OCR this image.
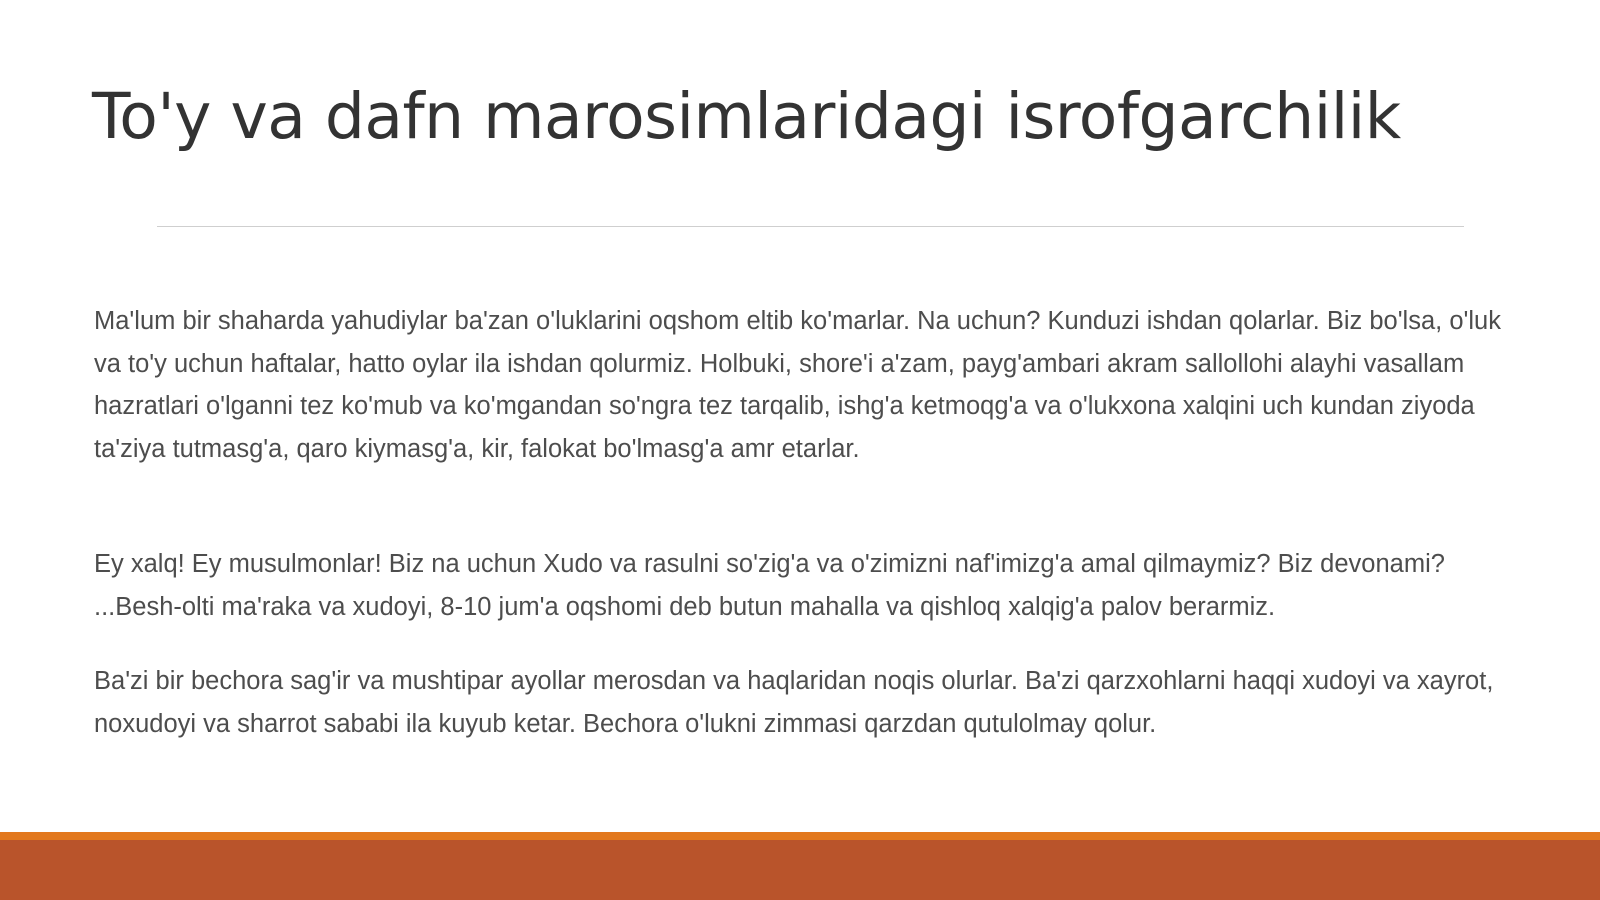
To'y va dafn marosimlaridagi isrofgarchilik

Ma'lum bir shaharda yahudiylar ba'zan o'luklarini oqshom eltib ko'marlar. Na uchun? Kunduzi ishdan qolarlar. Biz bo'lsa, o'luk va to'y uchun haftalar, hatto oylar ila ishdan qolurmiz. Holbuki, shore'i a'zam, payg'ambari akram sallollohi alayhi vasallam hazratlari o'lganni tez ko'mub va ko'mgandan so'ngra tez tarqalib, ishg'a ketmoqg'a va o'lukxona xalqini uch kundan ziyoda ta'ziya tutmasg'a, qaro kiymasg'a, kir, falokat bo'lmasg'a amr etarlar.

Ey xalq! Ey musulmonlar! Biz na uchun Xudo va rasulni so'zig'a va o'zimizni naf'imizg'a amal qilmaymiz? Biz devonami? ...Besh-olti ma'raka va xudoyi, 8-10 jum'a oqshomi deb butun mahalla va qishloq xalqig'a palov berarmiz.

Ba'zi bir bechora sag'ir va mushtipar ayollar merosdan va haqlaridan noqis olurlar. Ba'zi qarzxohlarni haqqi xudoyi va xayrot, noxudoyi va sharrot sababi ila kuyub ketar. Bechora o'lukni zimmasi qarzdan qutulolmay qolur.
